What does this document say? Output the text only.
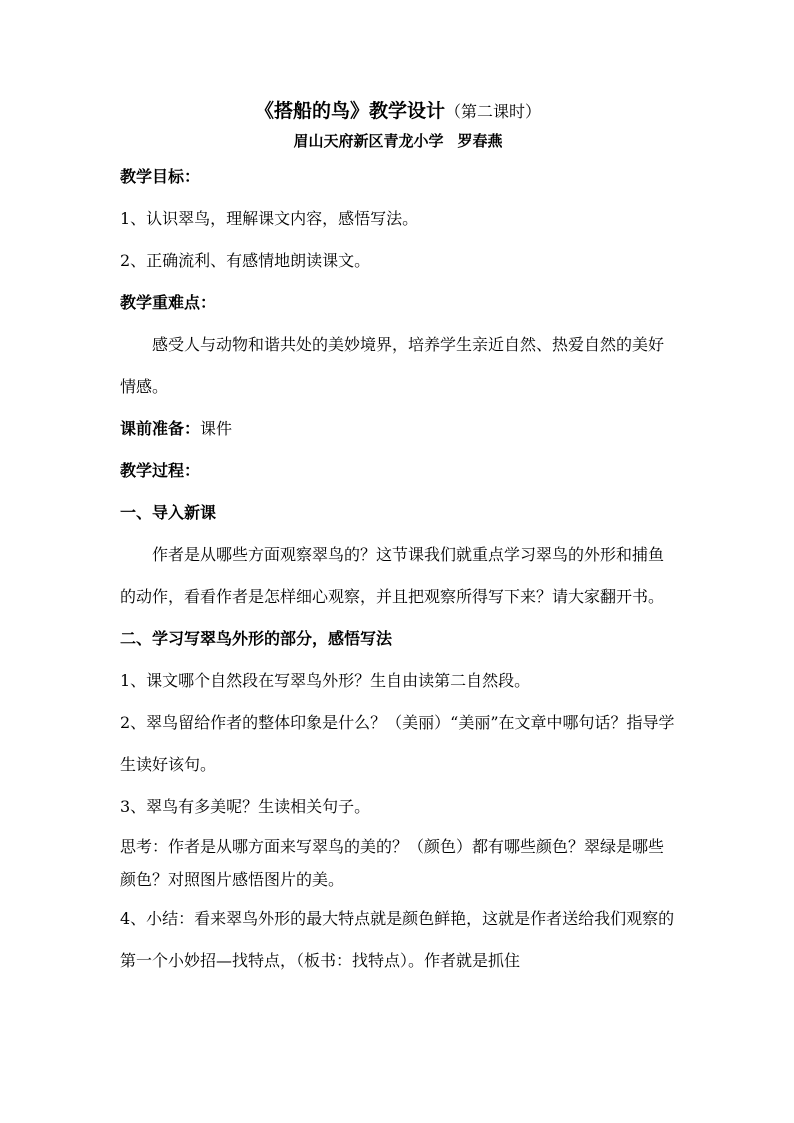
《搭船的鸟》教学设计（第二课时）
眉山天府新区青龙小学 罗春燕
教学目标：

1、认识翠鸟，理解课文内容，感悟写法。

2、正确流利、有感情地朗读课文。

教学重难点：

感受人与动物和谐共处的美妙境界，培养学生亲近自然、热爱自然的美好情感。

课前准备：课件
教学过程：
一、导入新课

作者是从哪些方面观察翠鸟的？这节课我们就重点学习翠鸟的外形和捕鱼的动作，看看作者是怎样细心观察，并且把观察所得写下来？请大家翻开书。

二、学习写翠鸟外形的部分，感悟写法

1、课文哪个自然段在写翠鸟外形？生自由读第二自然段。

2、翠鸟留给作者的整体印象是什么？（美丽）“美丽”在文章中哪句话？指导学生读好该句。

3、翠鸟有多美呢？生读相关句子。

思考：作者是从哪方面来写翠鸟的美的？（颜色）都有哪些颜色？翠绿是哪些颜色？对照图片感悟图片的美。

4、小结：看来翠鸟外形的最大特点就是颜色鲜艳，这就是作者送给我们观察的第一个小妙招—找特点，（板书：找特点）。作者就是抓住
